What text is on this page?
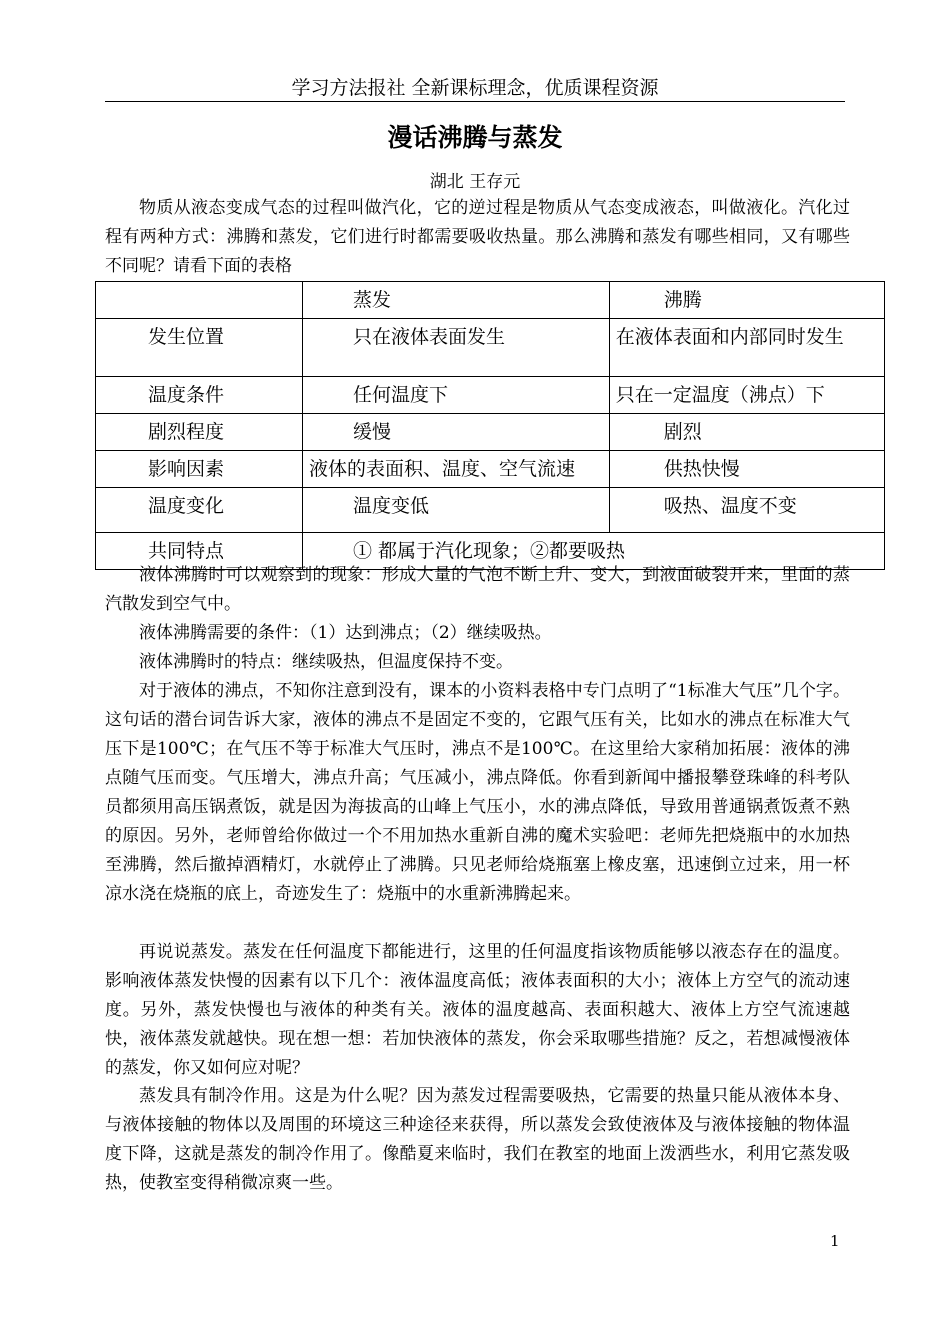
学习方法报社 全新课标理念，优质课程资源
漫话沸腾与蒸发
湖北 王存元

物质从液态变成气态的过程叫做汽化，它的逆过程是物质从气态变成液态，叫做液化。汽化过程有两种方式：沸腾和蒸发，它们进行时都需要吸收热量。那么沸腾和蒸发有哪些相同，又有哪些不同呢？请看下面的表格

	蒸发	沸腾
发生位置	只在液体表面发生	在液体表面和内部同时发生
温度条件	任何温度下	只在一定温度（沸点）下
剧烈程度	缓慢	剧烈
影响因素	液体的表面积、温度、空气流速	供热快慢
温度变化	温度变低	吸热、温度不变
共同特点	① 都属于汽化现象；②都要吸热	

液体沸腾时可以观察到的现象：形成大量的气泡不断上升、变大，到液面破裂开来，里面的蒸汽散发到空气中。

液体沸腾需要的条件：（1）达到沸点；（2）继续吸热。

液体沸腾时的特点：继续吸热，但温度保持不变。

对于液体的沸点，不知你注意到没有，课本的小资料表格中专门点明了“1标准大气压”几个字。这句话的潜台词告诉大家，液体的沸点不是固定不变的，它跟气压有关，比如水的沸点在标准大气压下是100℃；在气压不等于标准大气压时，沸点不是100℃。在这里给大家稍加拓展：液体的沸点随气压而变。气压增大，沸点升高；气压减小，沸点降低。你看到新闻中播报攀登珠峰的科考队员都须用高压锅煮饭，就是因为海拔高的山峰上气压小，水的沸点降低，导致用普通锅煮饭煮不熟的原因。另外，老师曾给你做过一个不用加热水重新自沸的魔术实验吧：老师先把烧瓶中的水加热至沸腾，然后撤掉酒精灯，水就停止了沸腾。只见老师给烧瓶塞上橡皮塞，迅速倒立过来，用一杯凉水浇在烧瓶的底上，奇迹发生了：烧瓶中的水重新沸腾起来。

再说说蒸发。蒸发在任何温度下都能进行，这里的任何温度指该物质能够以液态存在的温度。影响液体蒸发快慢的因素有以下几个：液体温度高低；液体表面积的大小；液体上方空气的流动速度。另外，蒸发快慢也与液体的种类有关。液体的温度越高、表面积越大、液体上方空气流速越快，液体蒸发就越快。现在想一想：若加快液体的蒸发，你会采取哪些措施？反之，若想减慢液体的蒸发，你又如何应对呢？

蒸发具有制冷作用。这是为什么呢？因为蒸发过程需要吸热，它需要的热量只能从液体本身、与液体接触的物体以及周围的环境这三种途径来获得，所以蒸发会致使液体及与液体接触的物体温度下降，这就是蒸发的制冷作用了。像酷夏来临时，我们在教室的地面上泼洒些水，利用它蒸发吸热，使教室变得稍微凉爽一些。

1
